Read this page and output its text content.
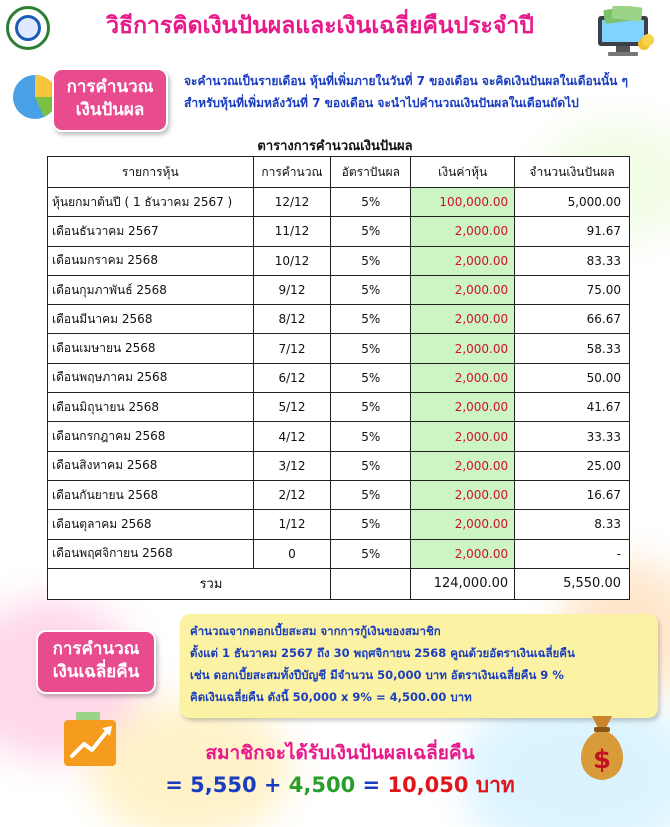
วิธีการคิดเงินปันผลและเงินเฉลี่ยคืนประจำปี
การคำนวณ
เงินปันผล
จะคำนวณเป็นรายเดือน หุ้นที่เพิ่มภายในวันที่ 7 ของเดือน จะคิดเงินปันผลในเดือนนั้น ๆ
สำหรับหุ้นที่เพิ่มหลังวันที่ 7 ของเดือน จะนำไปคำนวณเงินปันผลในเดือนถัดไป
ตารางการคำนวณเงินปันผล
รายการหุ้น	การคำนวณ	อัตราปันผล	เงินค่าหุ้น	จำนวนเงินปันผล
หุ้นยกมาต้นปี ( 1 ธันวาคม 2567 )	12/12	5%	100,000.00	5,000.00
เดือนธันวาคม 2567	11/12	5%	2,000.00	91.67
เดือนมกราคม 2568	10/12	5%	2,000.00	83.33
เดือนกุมภาพันธ์ 2568	9/12	5%	2,000.00	75.00
เดือนมีนาคม 2568	8/12	5%	2,000.00	66.67
เดือนเมษายน 2568	7/12	5%	2,000.00	58.33
เดือนพฤษภาคม 2568	6/12	5%	2,000.00	50.00
เดือนมิถุนายน 2568	5/12	5%	2,000.00	41.67
เดือนกรกฎาคม 2568	4/12	5%	2,000.00	33.33
เดือนสิงหาคม 2568	3/12	5%	2,000.00	25.00
เดือนกันยายน 2568	2/12	5%	2,000.00	16.67
เดือนตุลาคม 2568	1/12	5%	2,000.00	8.33
เดือนพฤศจิกายน 2568	0	5%	2,000.00	-
รวม			124,000.00	5,550.00
การคำนวณ
เงินเฉลี่ยคืน
คำนวณจากดอกเบี้ยสะสม จากการกู้เงินของสมาชิก
ตั้งแต่ 1 ธันวาคม 2567 ถึง 30 พฤศจิกายน 2568 คูณด้วยอัตราเงินเฉลี่ยคืน
เช่น ดอกเบี้ยสะสมทั้งปีบัญชี มีจำนวน 50,000 บาท อัตราเงินเฉลี่ยคืน 9 %
คิดเงินเฉลี่ยคืน ดังนี้ 50,000 x 9% = 4,500.00 บาท
สมาชิกจะได้รับเงินปันผลเฉลี่ยคืน
= 5,550 + 4,500 = 10,050 บาท
$
